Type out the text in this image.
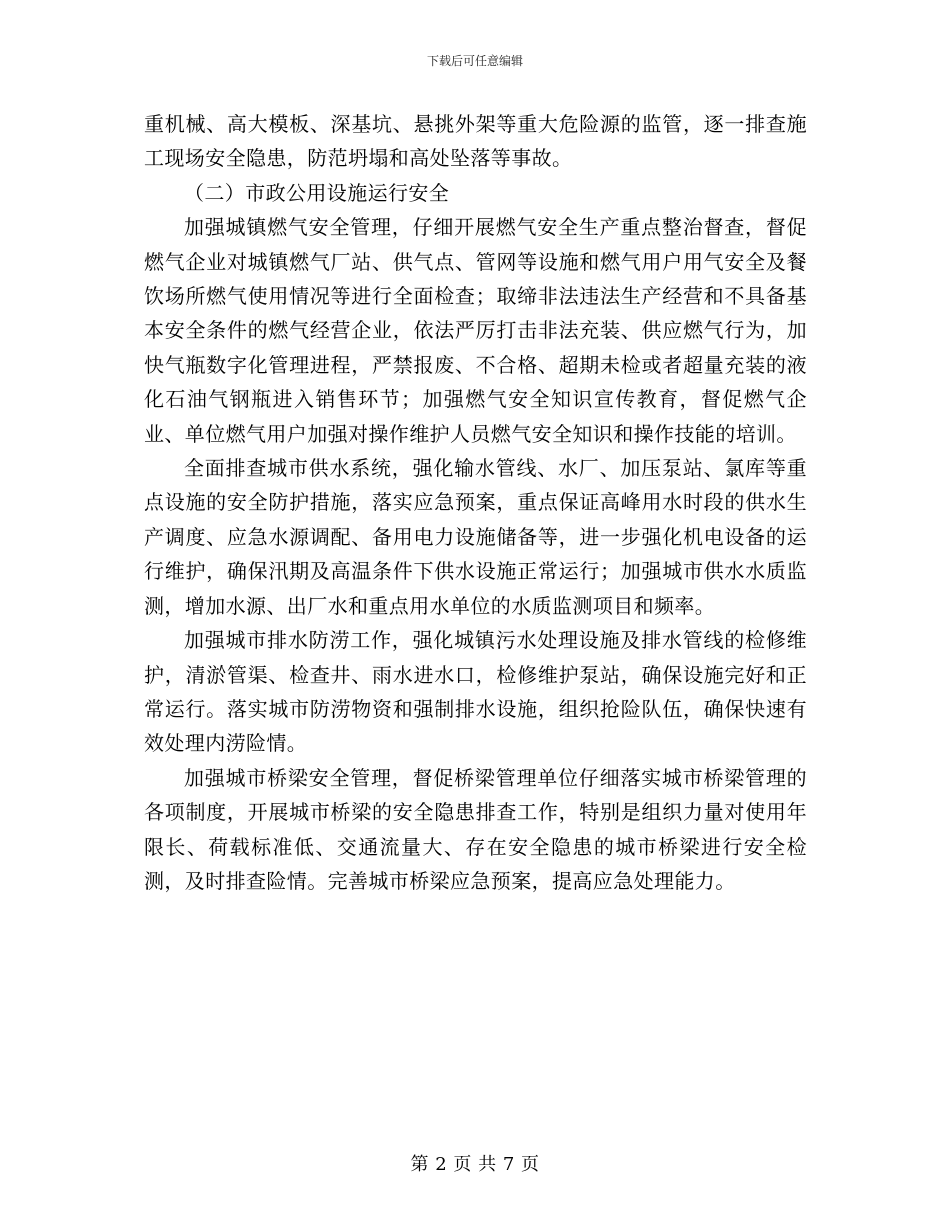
下载后可任意编辑

重机械、高大模板、深基坑、悬挑外架等重大危险源的监管，逐一排查施工现场安全隐患，防范坍塌和高处坠落等事故。

（二）市政公用设施运行安全

加强城镇燃气安全管理，仔细开展燃气安全生产重点整治督查，督促燃气企业对城镇燃气厂站、供气点、管网等设施和燃气用户用气安全及餐饮场所燃气使用情况等进行全面检查；取缔非法违法生产经营和不具备基本安全条件的燃气经营企业，依法严厉打击非法充装、供应燃气行为，加快气瓶数字化管理进程，严禁报废、不合格、超期未检或者超量充装的液化石油气钢瓶进入销售环节；加强燃气安全知识宣传教育，督促燃气企业、单位燃气用户加强对操作维护人员燃气安全知识和操作技能的培训。

全面排查城市供水系统，强化输水管线、水厂、加压泵站、氯库等重点设施的安全防护措施，落实应急预案，重点保证高峰用水时段的供水生产调度、应急水源调配、备用电力设施储备等，进一步强化机电设备的运行维护，确保汛期及高温条件下供水设施正常运行；加强城市供水水质监测，增加水源、出厂水和重点用水单位的水质监测项目和频率。

加强城市排水防涝工作，强化城镇污水处理设施及排水管线的检修维护，清淤管渠、检查井、雨水进水口，检修维护泵站，确保设施完好和正常运行。落实城市防涝物资和强制排水设施，组织抢险队伍，确保快速有效处理内涝险情。

加强城市桥梁安全管理，督促桥梁管理单位仔细落实城市桥梁管理的各项制度，开展城市桥梁的安全隐患排查工作，特别是组织力量对使用年限长、荷载标准低、交通流量大、存在安全隐患的城市桥梁进行安全检测，及时排查险情。完善城市桥梁应急预案，提高应急处理能力。

第 2 页 共 7 页
